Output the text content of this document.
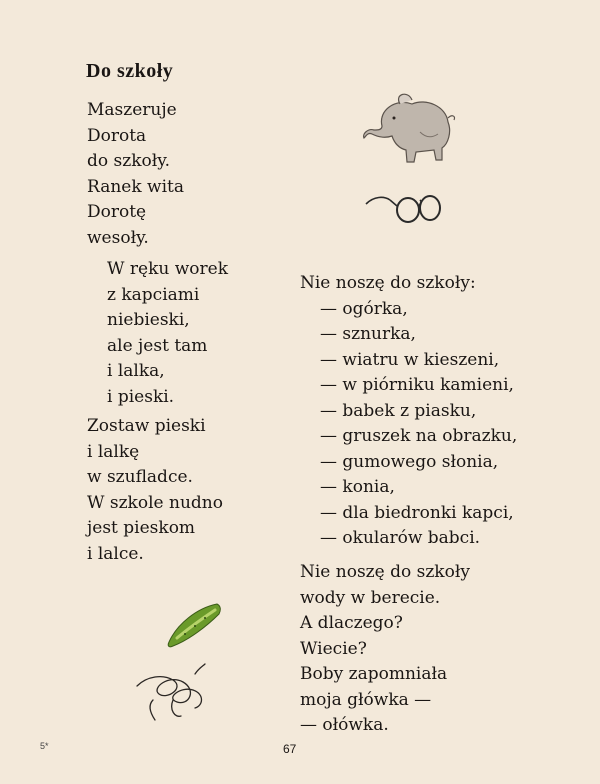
Do szkoły
Maszeruje
Dorota
do szkoły.
Ranek wita
Dorotę
wesoły.
W ręku worek
z kapciami
niebieski,
ale jest tam
i lalka,
i pieski.
Zostaw pieski
i lalkę
w szufladce.
W szkole nudno
jest pieskom
i lalce.
Nie noszę do szkoły:
— ogórka,
— sznurka,
— wiatru w kieszeni,
— w piórniku kamieni,
— babek z piasku,
— gruszek na obrazku,
— gumowego słonia,
— konia,
— dla biedronki kapci,
— okularów babci.
Nie noszę do szkoły
wody w berecie.
A dlaczego?
Wiecie?
Boby zapomniała
moja główka —
— ołówka.
5*	67
